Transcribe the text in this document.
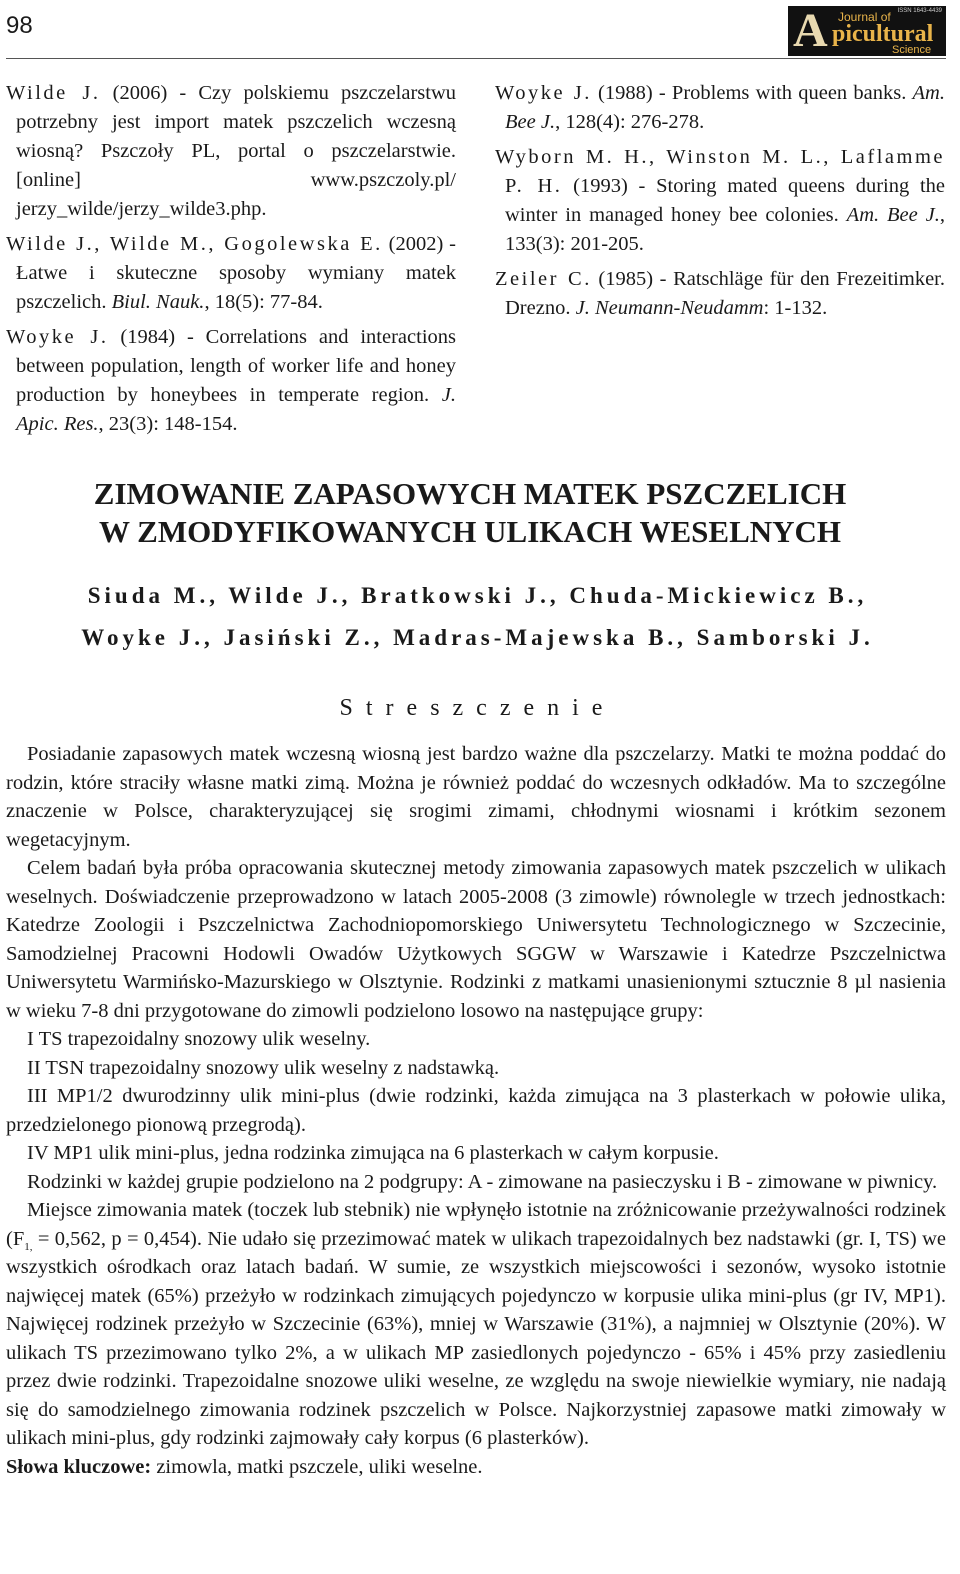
98	A Journal of
picultural
Science
ISSN 1643-4439
Wilde J. (2006) - Czy polskiemu pszczelarstwu potrzebny jest import matek pszczelich wczesną wiosną? Pszczoły PL, portal o pszczelarstwie. [online] www.pszczoly.pl/ jerzy_wilde/jerzy_wilde3.php.
Wilde J., Wilde M., Gogolewska E. (2002) - Łatwe i skuteczne sposoby wymiany matek pszczelich. Biul. Nauk., 18(5): 77-84.
Woyke J. (1984) - Correlations and interactions between population, length of worker life and honey production by honeybees in temperate region. J. Apic. Res., 23(3): 148-154.
Woyke J. (1988) - Problems with queen banks. Am. Bee J., 128(4): 276-278.
Wyborn M. H., Winston M. L., Laflamme P. H. (1993) - Storing mated queens during the winter in managed honey bee colonies. Am. Bee J., 133(3): 201-205.
Zeiler C. (1985) - Ratschläge für den Frezeitimker. Drezno. J. Neumann-Neudamm: 1-132.
ZIMOWANIE ZAPASOWYCH MATEK PSZCZELICH
W ZMODYFIKOWANYCH ULIKACH WESELNYCH
Siuda M., Wilde J., Bratkowski J., Chuda-Mickiewicz B.,
Woyke J., Jasiński Z., Madras-Majewska B., Samborski J.
Streszczenie

Posiadanie zapasowych matek wczesną wiosną jest bardzo ważne dla pszczelarzy. Matki te można poddać do rodzin, które straciły własne matki zimą. Można je również poddać do wczesnych odkładów. Ma to szczególne znaczenie w Polsce, charakteryzującej się srogimi zimami, chłodnymi wiosnami i krótkim sezonem wegetacyjnym.

Celem badań była próba opracowania skutecznej metody zimowania zapasowych matek pszczelich w ulikach weselnych. Doświadczenie przeprowadzono w latach 2005-2008 (3 zimowle) równolegle w trzech jednostkach: Katedrze Zoologii i Pszczelnictwa Zachodniopomorskiego Uniwersytetu Technologicznego w Szczecinie, Samodzielnej Pracowni Hodowli Owadów Użytkowych SGGW w Warszawie i Katedrze Pszczelnictwa Uniwersytetu Warmińsko-Mazurskiego w Olsztynie. Rodzinki z matkami unasienionymi sztucznie 8 µl nasienia w wieku 7-8 dni przygotowane do zimowli podzielono losowo na następujące grupy:

I TS trapezoidalny snozowy ulik weselny.

II TSN trapezoidalny snozowy ulik weselny z nadstawką.

III MP1/2 dwurodzinny ulik mini-plus (dwie rodzinki, każda zimująca na 3 plasterkach w połowie ulika, przedzielonego pionową przegrodą).

IV MP1 ulik mini-plus, jedna rodzinka zimująca na 6 plasterkach w całym korpusie.

Rodzinki w każdej grupie podzielono na 2 podgrupy: A - zimowane na pasieczysku i B - zimowane w piwnicy.

Miejsce zimowania matek (toczek lub stebnik) nie wpłynęło istotnie na zróżnicowanie przeżywalności rodzinek ($F_{1,} = 0,562$, p = 0,454). Nie udało się przezimować matek w ulikach trapezoidalnych bez nadstawki (gr. I, TS) we wszystkich ośrodkach oraz latach badań. W sumie, ze wszystkich miejscowości i sezonów, wysoko istotnie najwięcej matek (65%) przeżyło w rodzinkach zimujących pojedynczo w korpusie ulika mini-plus (gr IV, MP1). Najwięcej rodzinek przeżyło w Szczecinie (63%), mniej w Warszawie (31%), a najmniej w Olsztynie (20%). W ulikach TS przezimowano tylko 2%, a w ulikach MP zasiedlonych pojedynczo - 65% i 45% przy zasiedleniu przez dwie rodzinki. Trapezoidalne snozowe uliki weselne, ze względu na swoje niewielkie wymiary, nie nadają się do samodzielnego zimowania rodzinek pszczelich w Polsce. Najkorzystniej zapasowe matki zimowały w ulikach mini-plus, gdy rodzinki zajmowały cały korpus (6 plasterków).

Słowa kluczowe: zimowla, matki pszczele, uliki weselne.
